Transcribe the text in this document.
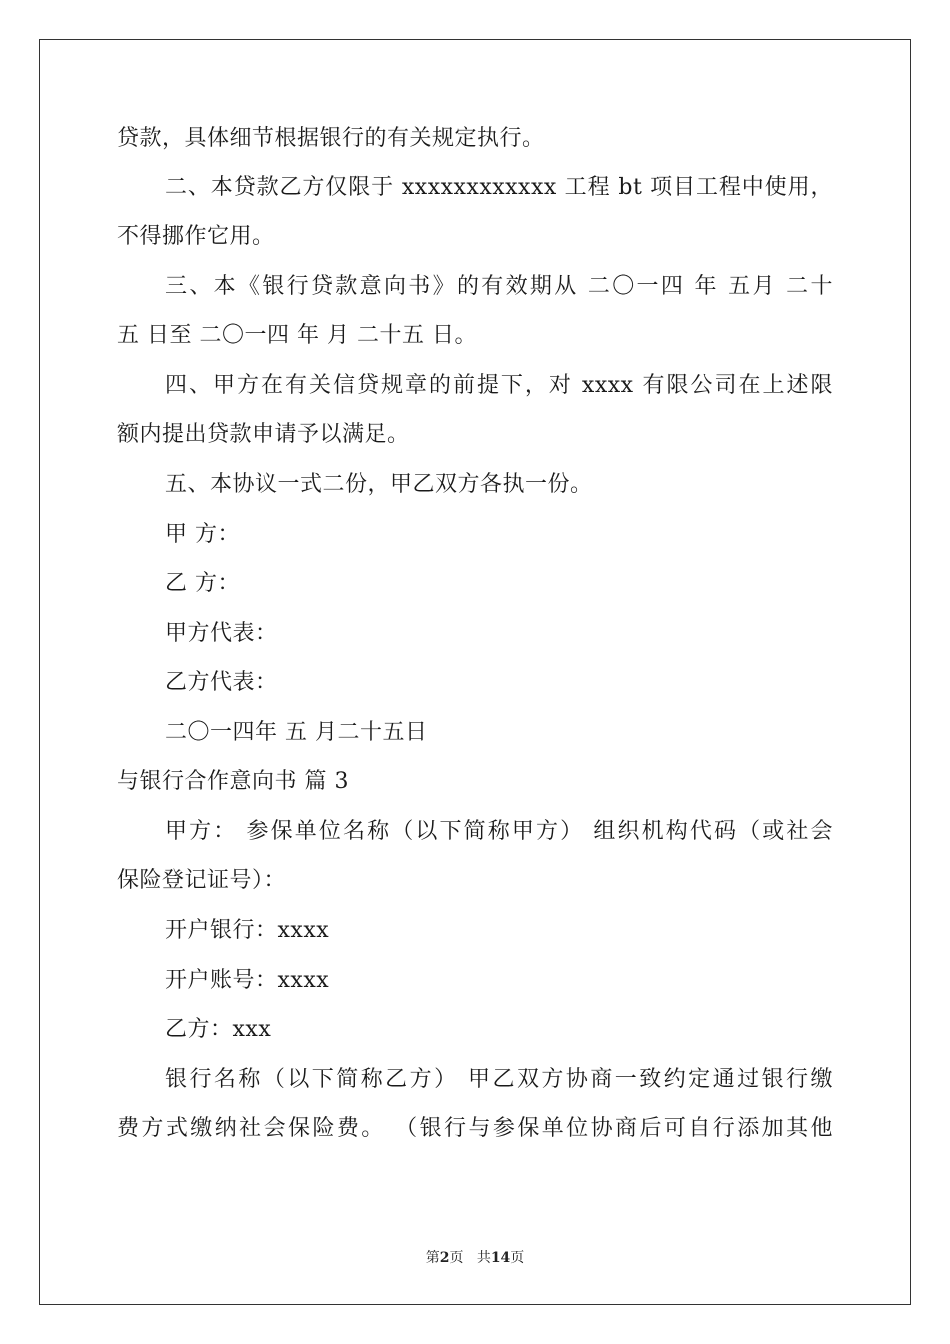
贷款，具体细节根据银行的有关规定执行。
二、本贷款乙方仅限于 xxxxxxxxxxxx 工程 bt 项目工程中使用，
不得挪作它用。
三、本《银行贷款意向书》的有效期从 二〇一四 年 五月 二十
五 日至 二〇一四 年 月 二十五 日。
四、甲方在有关信贷规章的前提下，对 xxxx 有限公司在上述限
额内提出贷款申请予以满足。
五、本协议一式二份，甲乙双方各执一份。
甲 方：
乙 方：
甲方代表：
乙方代表：
二〇一四年 五 月二十五日
与银行合作意向书 篇 3
甲方： 参保单位名称（以下简称甲方） 组织机构代码（或社会
保险登记证号）：
开户银行：xxxx
开户账号：xxxx
乙方：xxx
银行名称（以下简称乙方） 甲乙双方协商一致约定通过银行缴
费方式缴纳社会保险费。 （银行与参保单位协商后可自行添加其他
第2页 共14页
